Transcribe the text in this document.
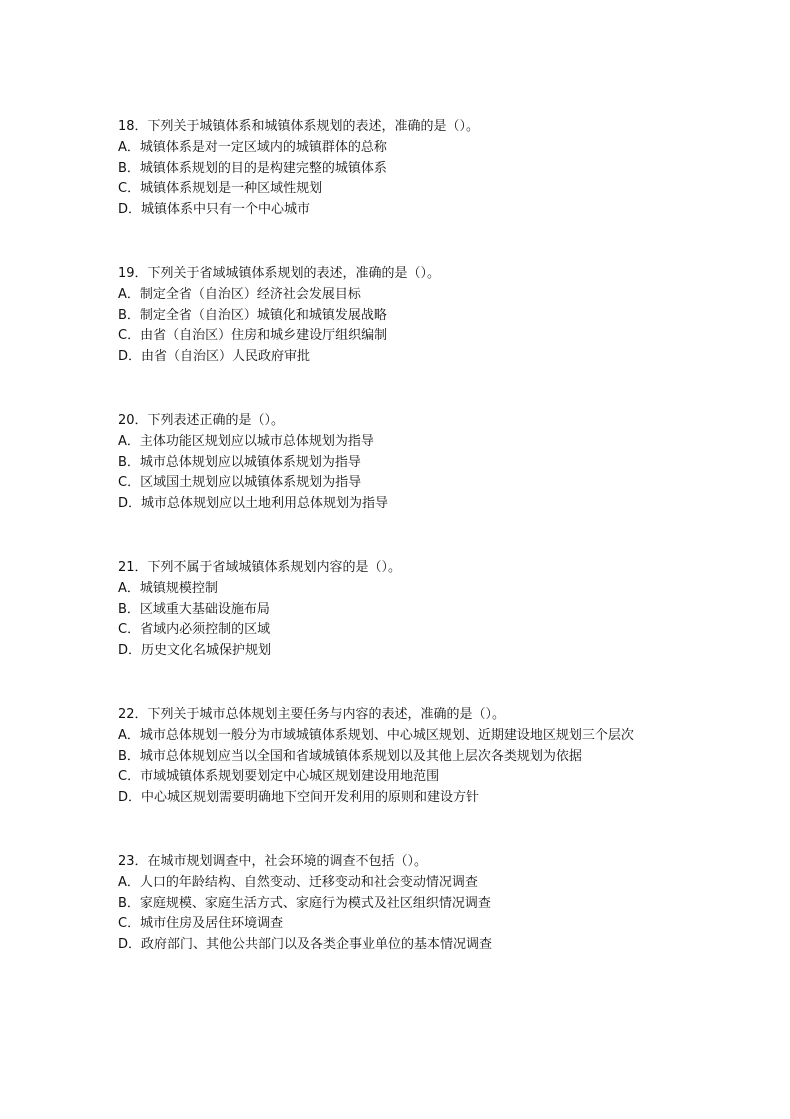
18．下列关于城镇体系和城镇体系规划的表述，准确的是（）。

A．城镇体系是对一定区域内的城镇群体的总称

B．城镇体系规划的目的是构建完整的城镇体系

C．城镇体系规划是一种区域性规划

D．城镇体系中只有一个中心城市

19．下列关于省域城镇体系规划的表述，准确的是（）。

A．制定全省（自治区）经济社会发展目标

B．制定全省（自治区）城镇化和城镇发展战略

C．由省（自治区）住房和城乡建设厅组织编制

D．由省（自治区）人民政府审批

20．下列表述正确的是（）。

A．主体功能区规划应以城市总体规划为指导

B．城市总体规划应以城镇体系规划为指导

C．区域国土规划应以城镇体系规划为指导

D．城市总体规划应以土地利用总体规划为指导

21．下列不属于省域城镇体系规划内容的是（）。

A．城镇规模控制

B．区域重大基础设施布局

C．省域内必须控制的区域

D．历史文化名城保护规划

22．下列关于城市总体规划主要任务与内容的表述，准确的是（）。

A．城市总体规划一般分为市域城镇体系规划、中心城区规划、近期建设地区规划三个层次

B．城市总体规划应当以全国和省域城镇体系规划以及其他上层次各类规划为依据

C．市域城镇体系规划要划定中心城区规划建设用地范围

D．中心城区规划需要明确地下空间开发利用的原则和建设方针

23．在城市规划调查中，社会环境的调查不包括（）。

A．人口的年龄结构、自然变动、迁移变动和社会变动情况调查

B．家庭规模、家庭生活方式、家庭行为模式及社区组织情况调查

C．城市住房及居住环境调查

D．政府部门、其他公共部门以及各类企事业单位的基本情况调查
